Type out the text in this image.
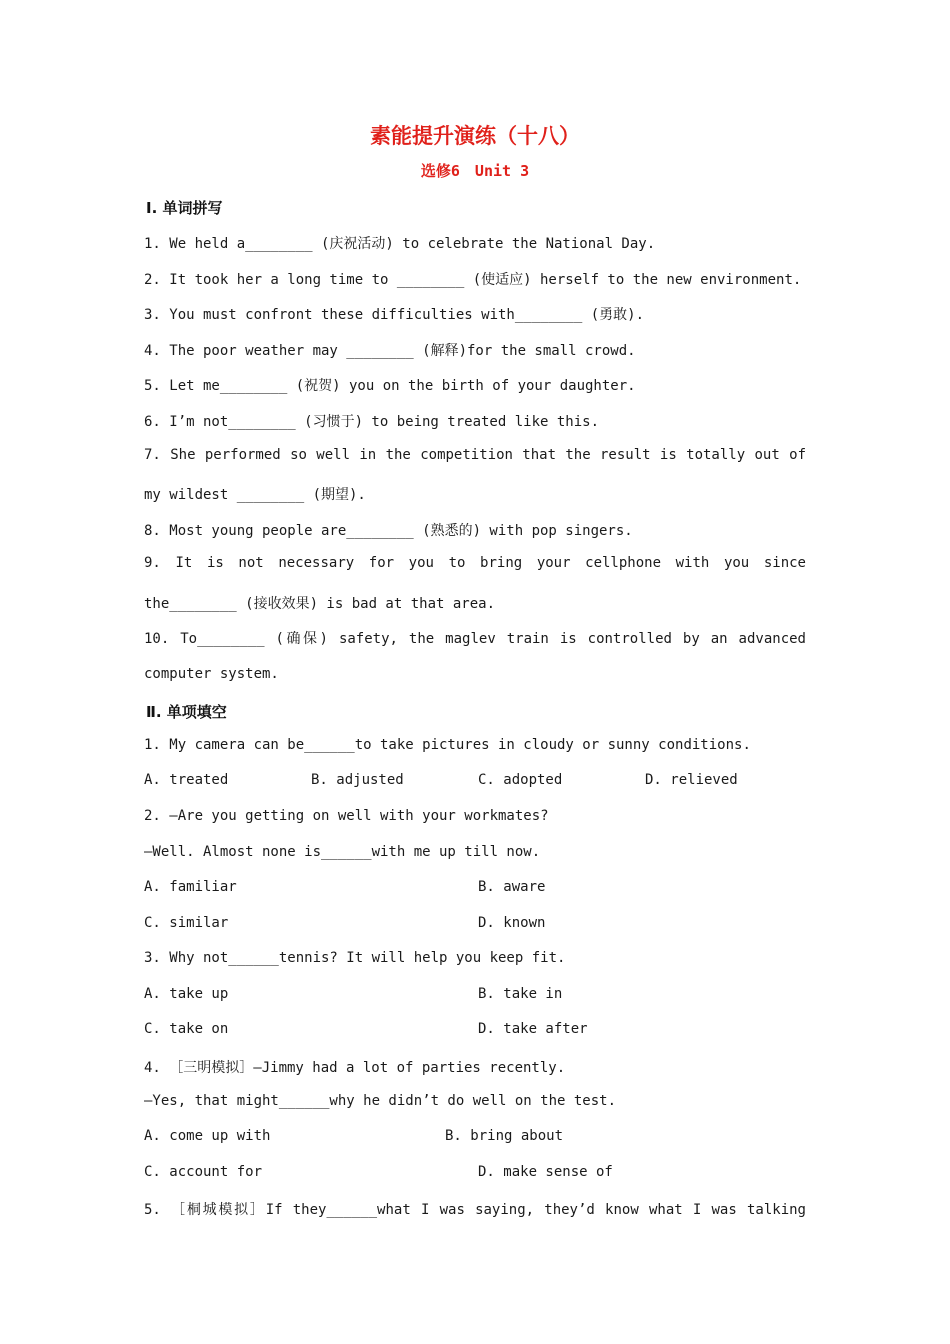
素能提升演练（十八）
选修6　Unit 3
Ⅰ. 单词拼写
1. We held a________ (庆祝活动) to celebrate the National Day.
2. It took her a long time to ________ (使适应) herself to the new environment.
3. You must confront these difficulties with________ (勇敢).
4. The poor weather may ________ (解释)for the small crowd.
5. Let me________ (祝贺) you on the birth of your daughter.
6. I’m not________ (习惯于) to being treated like this.
7. She performed so well in the competition that the result is totally out of
my wildest ________ (期望).
8. Most young people are________ (熟悉的) with pop singers.
9. It is not necessary for you to bring your cellphone with you since
the________ (接收效果) is bad at that area.
10. To________ (确保) safety, the maglev train is controlled by an advanced
computer system.
Ⅱ. 单项填空
1. My camera can be______to take pictures in cloudy or sunny conditions.
A. treated	B. adjusted	C. adopted	D. relieved
2. —Are you getting on well with your workmates?
—Well. Almost none is______with me up till now.
A. familiar	B. aware
C. similar	D. known
3. Why not______tennis? It will help you keep fit.
A. take up	B. take in
C. take on	D. take after
4. ［三明模拟］—Jimmy had a lot of parties recently.
—Yes, that might______why he didn’t do well on the test.
A. come up with	B. bring about
C. account for	D. make sense of
5. ［桐城模拟］If they______what I was saying, they’d know what I was talking
